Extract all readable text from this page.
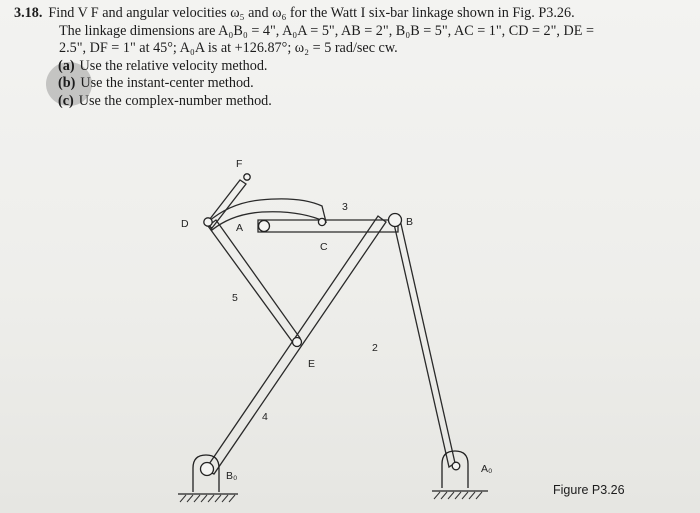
3.18. Find V F and angular velocities ω₅ and ω₆ for the Watt I six-bar linkage shown in Fig. P3.26.
The linkage dimensions are A₀B₀ = 4", A₀A = 5", AB = 2", B₀B = 5", AC = 1", CD = 2", DE =
2.5", DF = 1" at 45°; A₀A is at +126.87°; ω₂ = 5 rad/sec cw.
(a) Use the relative velocity method.
(b) Use the instant-center method.
(c) Use the complex-number method.
F
D	A	B
C
E
3
5
2
4
B₀
A₀
Figure P3.26
